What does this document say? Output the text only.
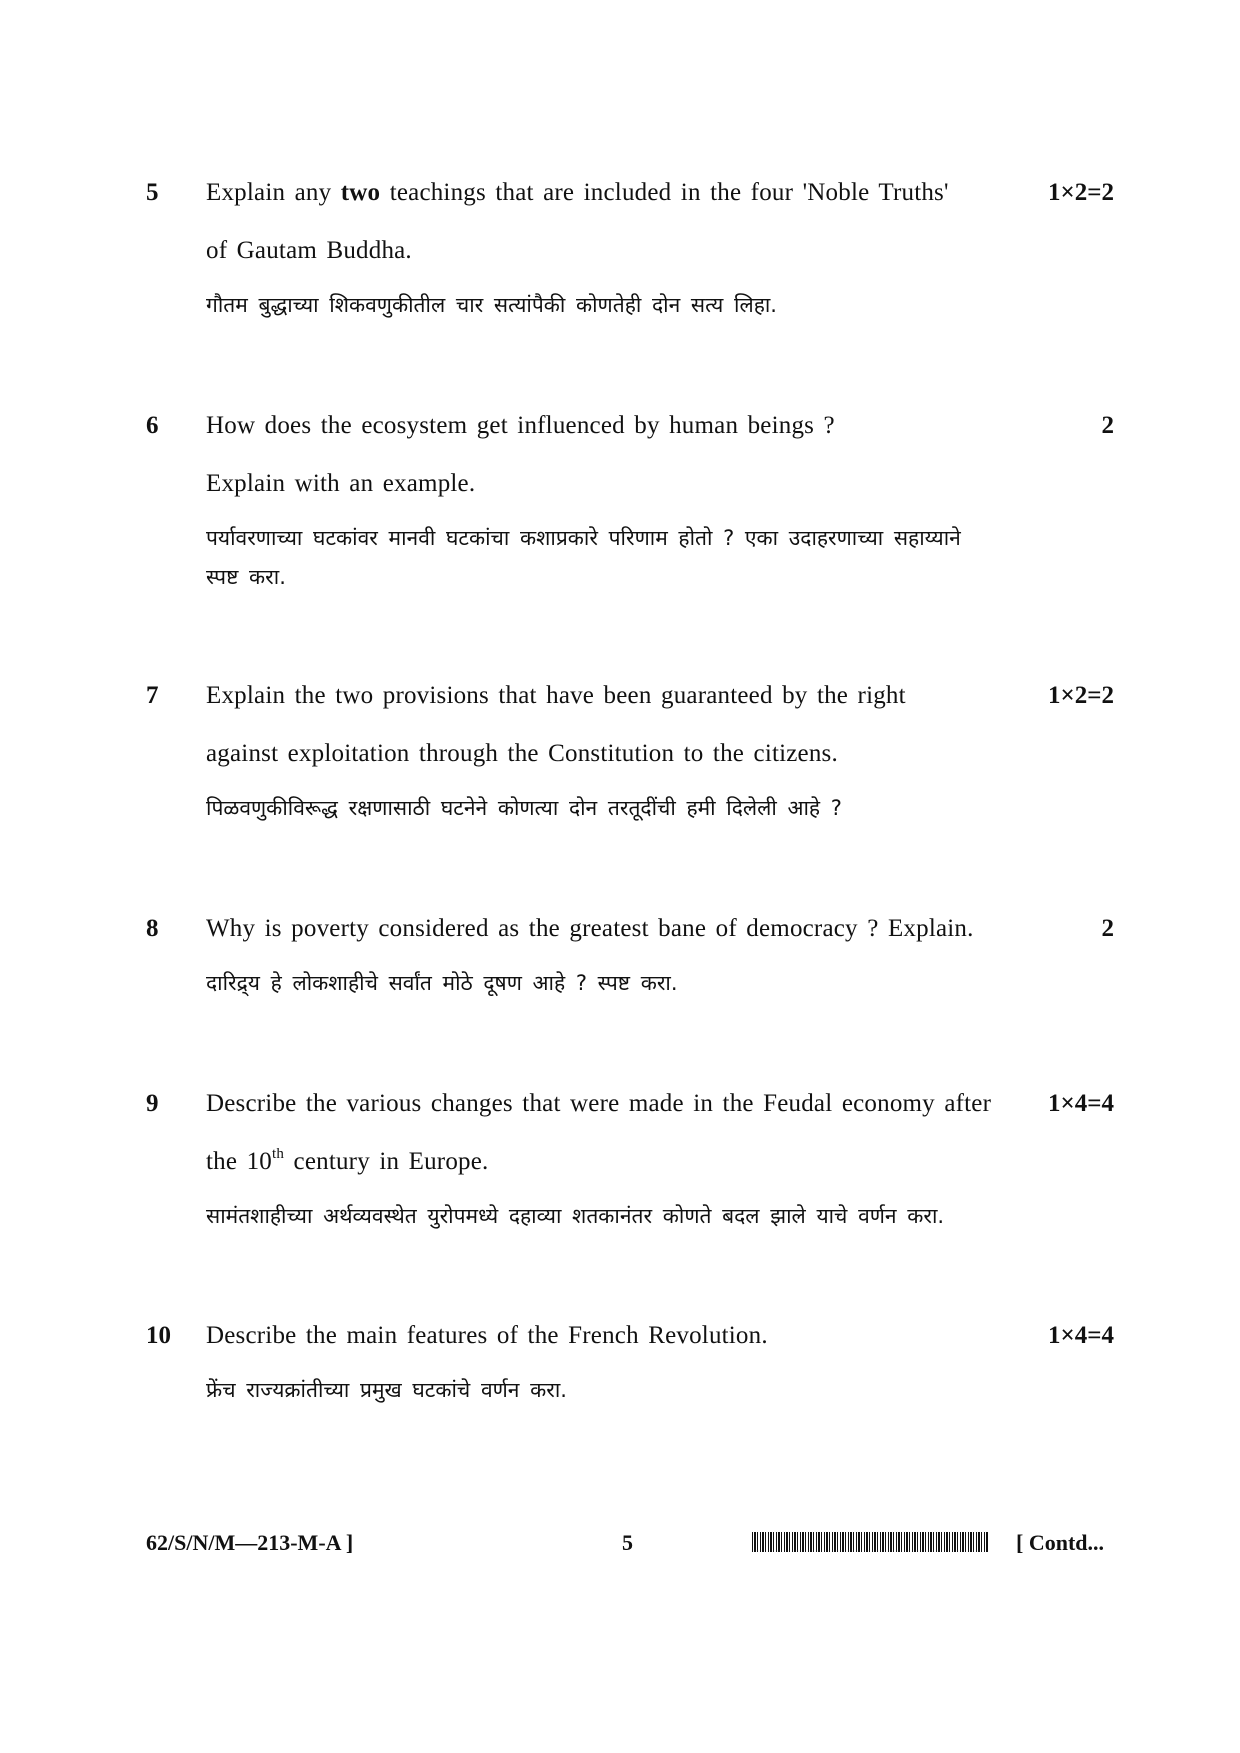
5	1×2=2
Explain any two teachings that are included in the four 'Noble Truths'
of Gautam Buddha.
गौतम बुद्धाच्या शिकवणुकीतील चार सत्यांपैकी कोणतेही दोन सत्य लिहा.
6	2
How does the ecosystem get influenced by human beings ?
Explain with an example.
पर्यावरणाच्या घटकांवर मानवी घटकांचा कशाप्रकारे परिणाम होतो ? एका उदाहरणाच्या सहाय्याने
स्पष्ट करा.
7	1×2=2
Explain the two provisions that have been guaranteed by the right
against exploitation through the Constitution to the citizens.
पिळवणुकीविरूद्ध रक्षणासाठी घटनेने कोणत्या दोन तरतूदींची हमी दिलेली आहे ?
8	2
Why is poverty considered as the greatest bane of democracy ? Explain.
दारिद्र्य हे लोकशाहीचे सर्वांत मोठे दूषण आहे ? स्पष्ट करा.
9	1×4=4
Describe the various changes that were made in the Feudal economy after
the 10th century in Europe.
सामंतशाहीच्या अर्थव्यवस्थेत युरोपमध्ये दहाव्या शतकानंतर कोणते बदल झाले याचे वर्णन करा.
10	1×4=4
Describe the main features of the French Revolution.
फ्रेंच राज्यक्रांतीच्या प्रमुख घटकांचे वर्णन करा.
62/S/N/M—213-M-A ]	5	[ Contd...
